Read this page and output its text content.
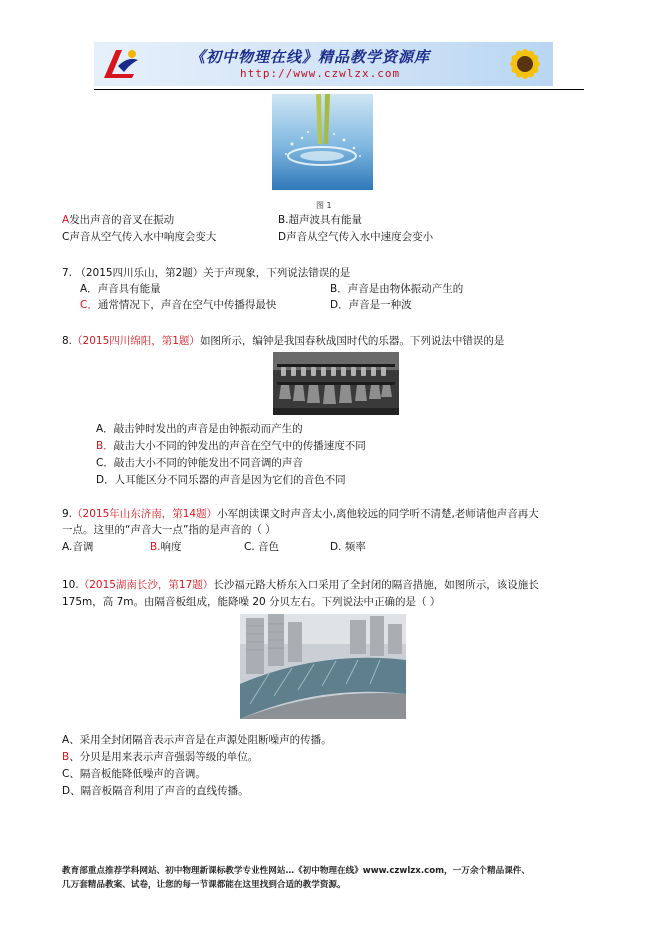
《初中物理在线》精品教学资源库
http://www.czwlzx.com
图 1
A发出声音的音叉在振动	B.超声波具有能量
C声音从空气传入水中响度会变大	D声音从空气传入水中速度会变小
7. （2015四川乐山，第2题）关于声现象，下列说法错误的是
A．声音具有能量	B．声音是由物体振动产生的
C．通常情况下，声音在空气中传播得最快	D．声音是一种波
8.（2015四川绵阳，第1题）如图所示，编钟是我国春秋战国时代的乐器。下列说法中错误的是
A．敲击钟时发出的声音是由钟振动而产生的
B．敲击大小不同的钟发出的声音在空气中的传播速度不同
C．敲击大小不同的钟能发出不同音调的声音
D．人耳能区分不同乐器的声音是因为它们的音色不同
9.（2015年山东济南，第14题）小军朗读课文时声音太小,离他较远的同学听不清楚,老师请他声音再大
一点。这里的“声音大一点”指的是声音的（ ）
A.音调	B.响度	C. 音色	D. 频率
10.（2015湖南长沙，第17题）长沙福元路大桥东入口采用了全封闭的隔音措施，如图所示，该设施长
175m，高 7m。由隔音板组成，能降噪 20 分贝左右。下列说法中正确的是（ ）
A、采用全封闭隔音表示声音是在声源处阻断噪声的传播。
B、分贝是用来表示声音强弱等级的单位。
C、隔音板能降低噪声的音调。
D、隔音板隔音利用了声音的直线传播。
教育部重点推荐学科网站、初中物理新课标教学专业性网站…《初中物理在线》www.czwlzx.com，一万余个精品课件、
几万套精品教案、试卷，让您的每一节课都能在这里找到合适的教学资源。
